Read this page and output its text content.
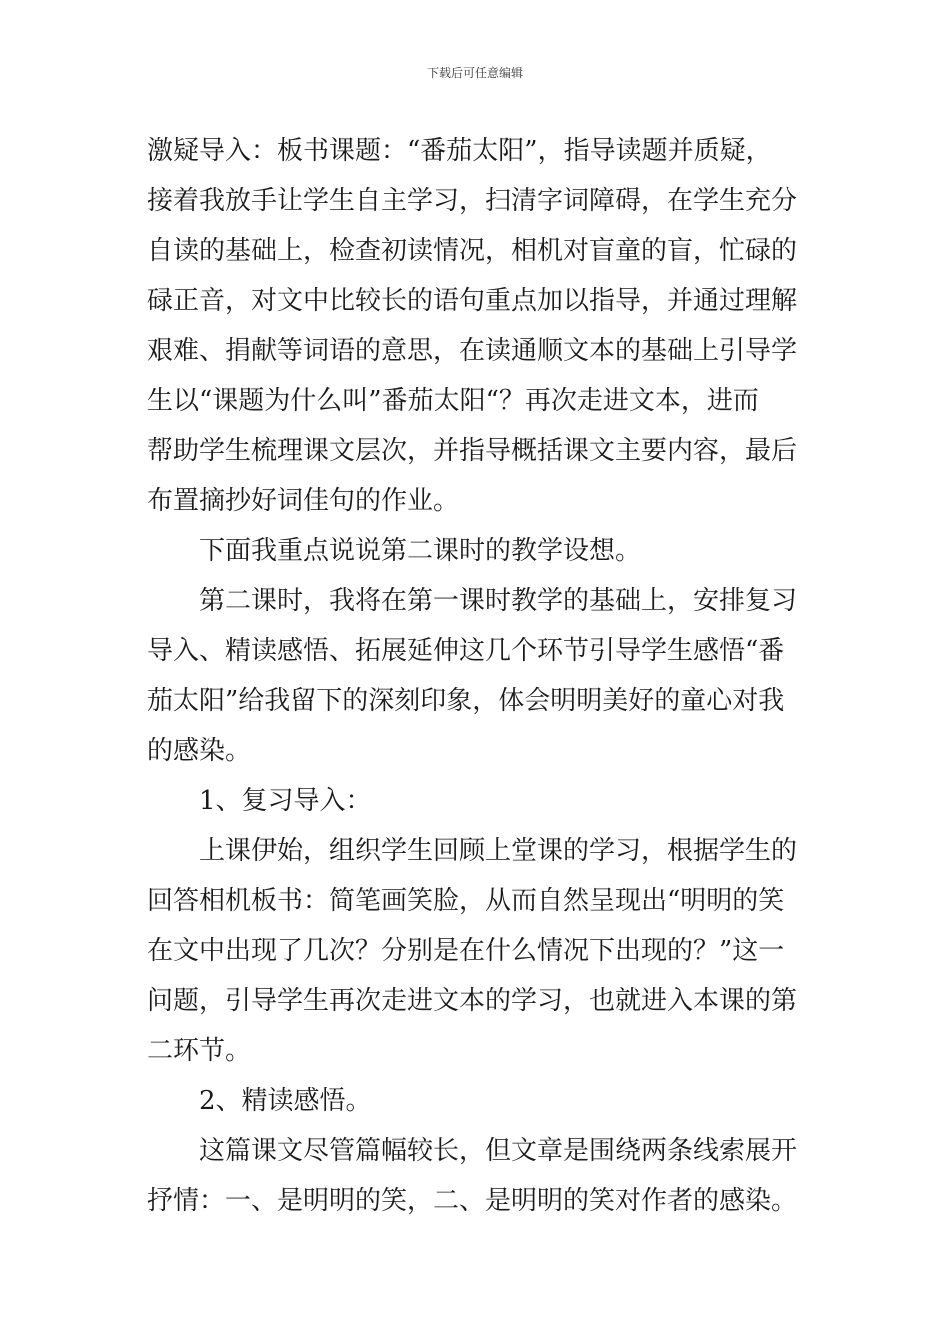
下载后可任意编辑
激疑导入：板书课题：“番茄太阳”，指导读题并质疑，
接着我放手让学生自主学习，扫清字词障碍，在学生充分
自读的基础上，检查初读情况，相机对盲童的盲，忙碌的
碌正音，对文中比较长的语句重点加以指导，并通过理解
艰难、捐献等词语的意思，在读通顺文本的基础上引导学
生以“课题为什么叫”番茄太阳“？再次走进文本，进而
帮助学生梳理课文层次，并指导概括课文主要内容，最后
布置摘抄好词佳句的作业。
下面我重点说说第二课时的教学设想。
第二课时，我将在第一课时教学的基础上，安排复习
导入、精读感悟、拓展延伸这几个环节引导学生感悟“番
茄太阳”给我留下的深刻印象，体会明明美好的童心对我
的感染。
1、复习导入：
上课伊始，组织学生回顾上堂课的学习，根据学生的
回答相机板书：简笔画笑脸，从而自然呈现出“明明的笑
在文中出现了几次？分别是在什么情况下出现的？”这一
问题，引导学生再次走进文本的学习，也就进入本课的第
二环节。
2、精读感悟。
这篇课文尽管篇幅较长，但文章是围绕两条线索展开
抒情：一、是明明的笑，二、是明明的笑对作者的感染。
